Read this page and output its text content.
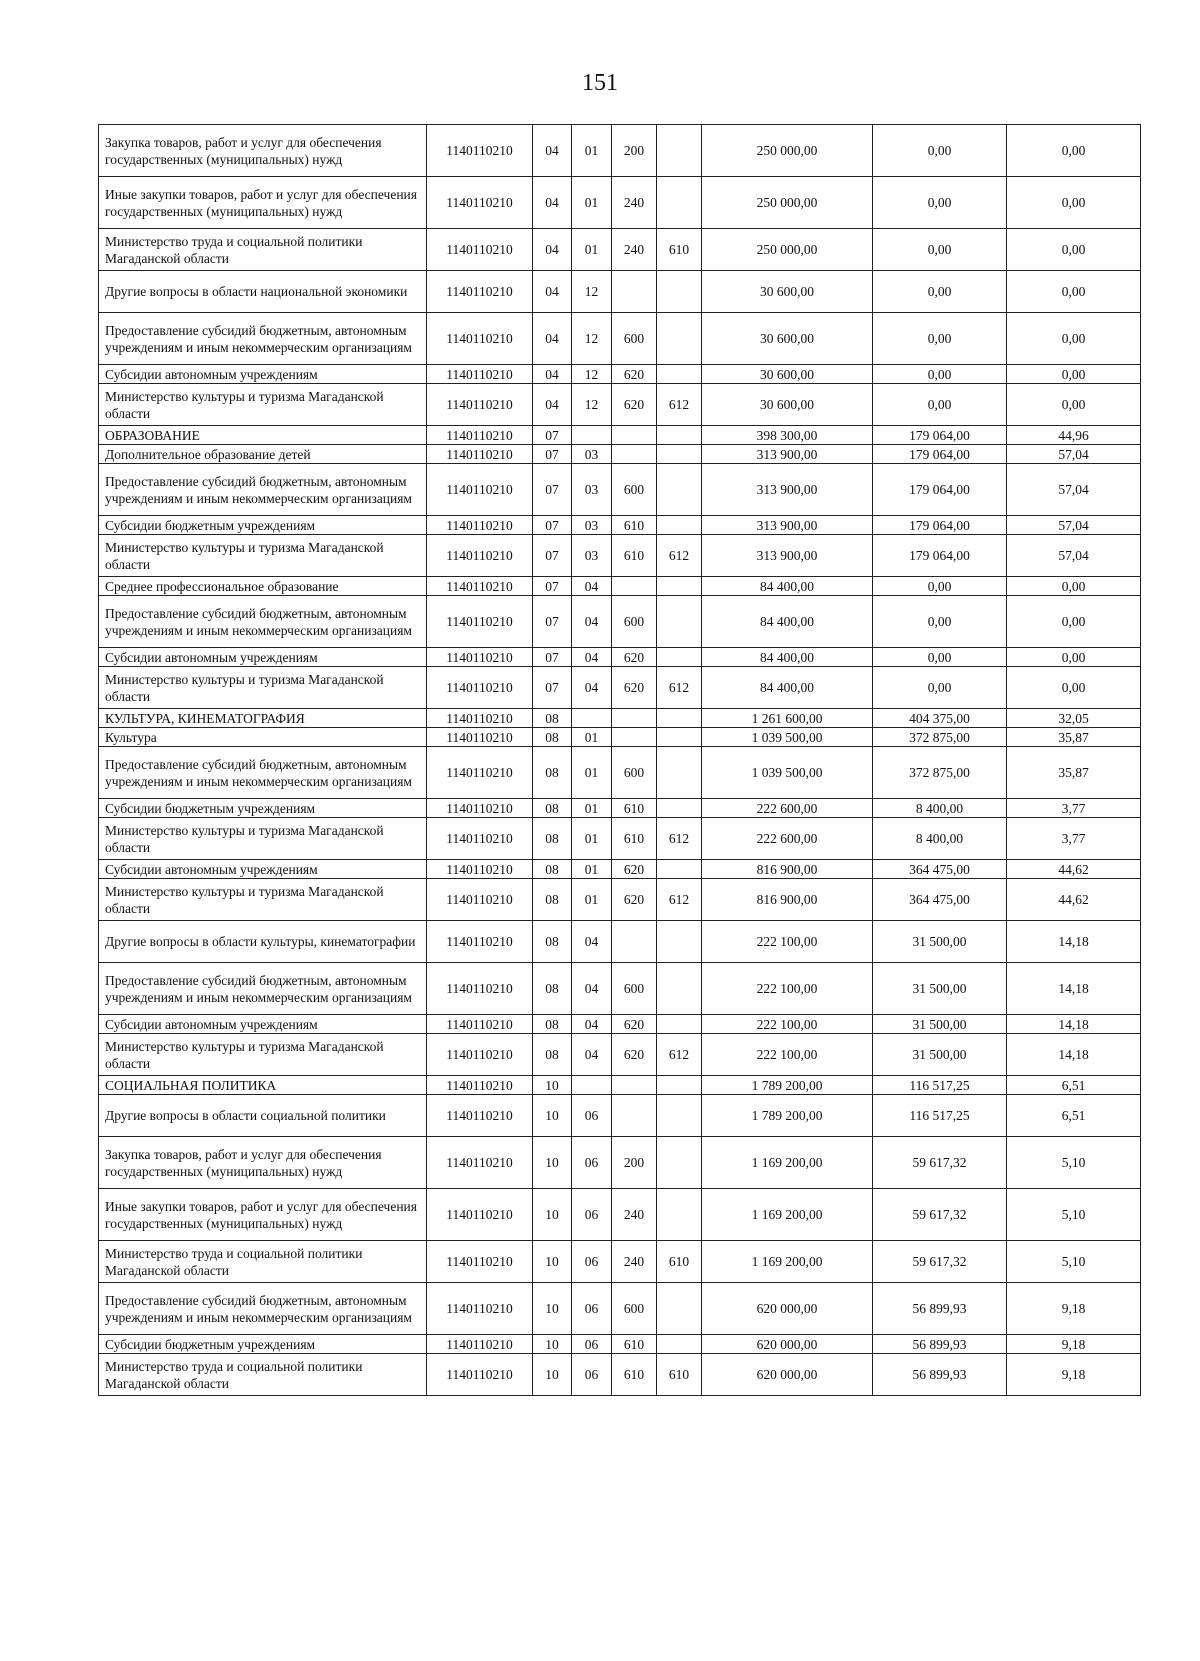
151
Закупка товаров, работ и услуг для обеспечения государственных (муниципальных) нужд	1140110210	04	01	200		250 000,00	0,00	0,00
Иные закупки товаров, работ и услуг для обеспечения государственных (муниципальных) нужд	1140110210	04	01	240		250 000,00	0,00	0,00
Министерство труда и социальной политики Магаданской области	1140110210	04	01	240	610	250 000,00	0,00	0,00
Другие вопросы в области национальной экономики	1140110210	04	12			30 600,00	0,00	0,00
Предоставление субсидий бюджетным, автономным учреждениям и иным некоммерческим организациям	1140110210	04	12	600		30 600,00	0,00	0,00
Субсидии автономным учреждениям	1140110210	04	12	620		30 600,00	0,00	0,00
Министерство культуры и туризма Магаданской области	1140110210	04	12	620	612	30 600,00	0,00	0,00
ОБРАЗОВАНИЕ	1140110210	07				398 300,00	179 064,00	44,96
Дополнительное образование детей	1140110210	07	03			313 900,00	179 064,00	57,04
Предоставление субсидий бюджетным, автономным учреждениям и иным некоммерческим организациям	1140110210	07	03	600		313 900,00	179 064,00	57,04
Субсидии бюджетным учреждениям	1140110210	07	03	610		313 900,00	179 064,00	57,04
Министерство культуры и туризма Магаданской области	1140110210	07	03	610	612	313 900,00	179 064,00	57,04
Среднее профессиональное образование	1140110210	07	04			84 400,00	0,00	0,00
Предоставление субсидий бюджетным, автономным учреждениям и иным некоммерческим организациям	1140110210	07	04	600		84 400,00	0,00	0,00
Субсидии автономным учреждениям	1140110210	07	04	620		84 400,00	0,00	0,00
Министерство культуры и туризма Магаданской области	1140110210	07	04	620	612	84 400,00	0,00	0,00
КУЛЬТУРА, КИНЕМАТОГРАФИЯ	1140110210	08				1 261 600,00	404 375,00	32,05
Культура	1140110210	08	01			1 039 500,00	372 875,00	35,87
Предоставление субсидий бюджетным, автономным учреждениям и иным некоммерческим организациям	1140110210	08	01	600		1 039 500,00	372 875,00	35,87
Субсидии бюджетным учреждениям	1140110210	08	01	610		222 600,00	8 400,00	3,77
Министерство культуры и туризма Магаданской области	1140110210	08	01	610	612	222 600,00	8 400,00	3,77
Субсидии автономным учреждениям	1140110210	08	01	620		816 900,00	364 475,00	44,62
Министерство культуры и туризма Магаданской области	1140110210	08	01	620	612	816 900,00	364 475,00	44,62
Другие вопросы в области культуры, кинематографии	1140110210	08	04			222 100,00	31 500,00	14,18
Предоставление субсидий бюджетным, автономным учреждениям и иным некоммерческим организациям	1140110210	08	04	600		222 100,00	31 500,00	14,18
Субсидии автономным учреждениям	1140110210	08	04	620		222 100,00	31 500,00	14,18
Министерство культуры и туризма Магаданской области	1140110210	08	04	620	612	222 100,00	31 500,00	14,18
СОЦИАЛЬНАЯ ПОЛИТИКА	1140110210	10				1 789 200,00	116 517,25	6,51
Другие вопросы в области социальной политики	1140110210	10	06			1 789 200,00	116 517,25	6,51
Закупка товаров, работ и услуг для обеспечения государственных (муниципальных) нужд	1140110210	10	06	200		1 169 200,00	59 617,32	5,10
Иные закупки товаров, работ и услуг для обеспечения государственных (муниципальных) нужд	1140110210	10	06	240		1 169 200,00	59 617,32	5,10
Министерство труда и социальной политики Магаданской области	1140110210	10	06	240	610	1 169 200,00	59 617,32	5,10
Предоставление субсидий бюджетным, автономным учреждениям и иным некоммерческим организациям	1140110210	10	06	600		620 000,00	56 899,93	9,18
Субсидии бюджетным учреждениям	1140110210	10	06	610		620 000,00	56 899,93	9,18
Министерство труда и социальной политики Магаданской области	1140110210	10	06	610	610	620 000,00	56 899,93	9,18
